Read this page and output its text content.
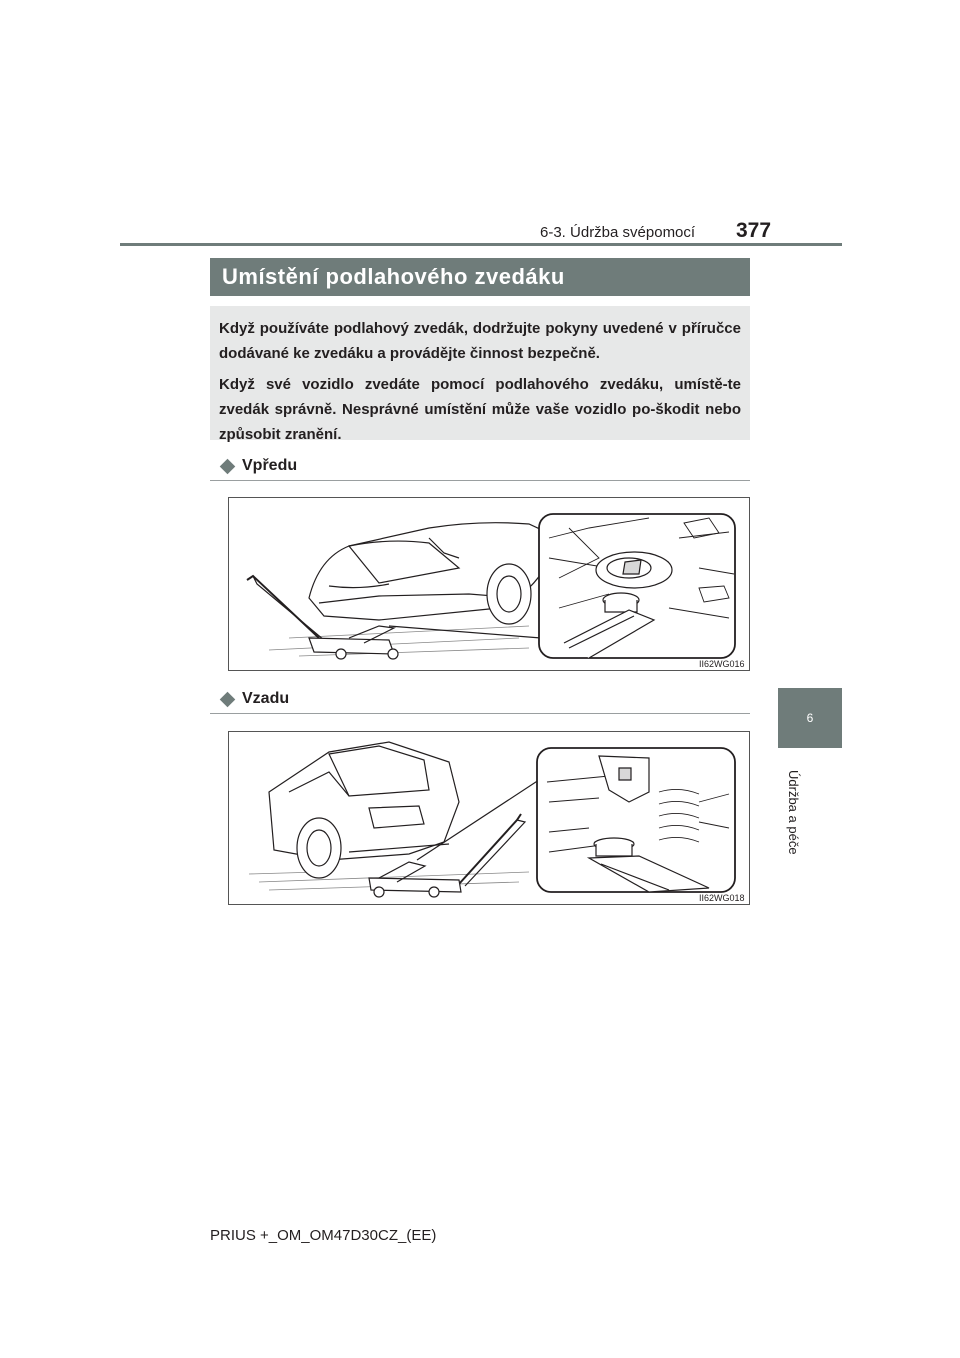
6-3. Údržba svépomocí 377
Umístění podlahového zvedáku

Když používáte podlahový zvedák, dodržujte pokyny uvedené v příručce dodávané ke zvedáku a provádějte činnost bezpečně.

Když své vozidlo zvedáte pomocí podlahového zvedáku, umístě-te zvedák správně. Nesprávné umístění může vaše vozidlo po-škodit nebo způsobit zranění.

Vpředu
II62WG016
Vzadu
II62WG018
6
Údržba a péče
PRIUS +_OM_OM47D30CZ_(EE)
